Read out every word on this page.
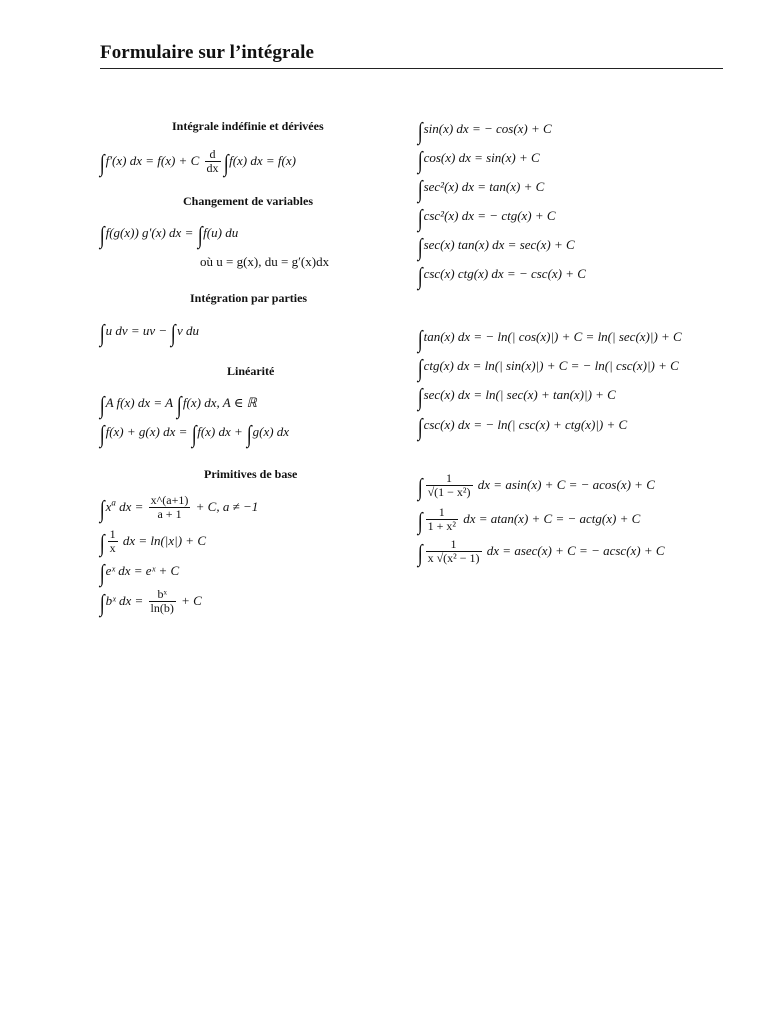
Formulaire sur l’intégrale
Intégrale indéfinie et dérivées
∫f′(x) dx = f(x) + C $\frac{d}{dx} \int f(x)$ dx = f(x)
Changement de variables
∫f(g(x)) g′(x) dx = ∫f(u) du
où u = g(x), du = g′(x)dx
Intégration par parties
∫u dv = uv − ∫v du
Linéarité
∫A f(x) dx = A ∫f(x) dx, A ∈ ℝ
∫f(x) + g(x) dx = ∫f(x) dx + ∫g(x) dx
Primitives de base
$\int x^a$ dx = $\frac{x\^{}(a+1)}{a + 1} + C$, a ≠ −1
∫ $\frac{1}{x}$ dx = ln(|x|) + C
∫eˣ dx = eˣ + C
∫bˣ dx = $\frac{\text{bˣ}}{\ln(b)} + C$
∫sin(x) dx = − cos(x) + C
∫cos(x) dx = sin(x) + C
∫sec²(x) dx = tan(x) + C
∫csc²(x) dx = − ctg(x) + C
∫sec(x) tan(x) dx = sec(x) + C
∫csc(x) ctg(x) dx = − csc(x) + C
∫tan(x) dx = − ln(| cos(x)|) + C = ln(| sec(x)|) + C
∫ctg(x) dx = ln(| sin(x)|) + C = − ln(| csc(x)|) + C
∫sec(x) dx = ln(| sec(x) + tan(x)|) + C
∫csc(x) dx = − ln(| csc(x) + ctg(x)|) + C
∫ $\frac{1}{\text{√(1 − x²)}}$ dx = asin(x) + C = − acos(x) + C
∫ $\frac{1}{\text{1 + x²}}$ dx = atan(x) + C = − actg(x) + C
∫ $\frac{1}{\text{x √(x² − 1)}}$ dx = asec(x) + C = − acsc(x) + C
